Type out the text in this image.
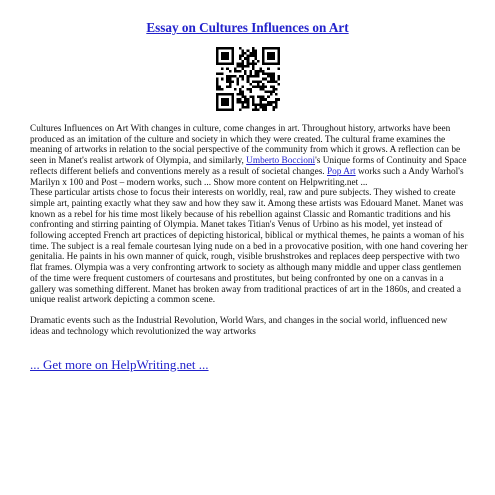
Essay on Cultures Influences on Art

Cultures Influences on Art With changes in culture, come changes in art. Throughout history, artworks have been produced as an imitation of the culture and society in which they were created. The cultural frame examines the meaning of artworks in relation to the social perspective of the community from which it grows. A reflection can be seen in Manet's realist artwork of Olympia, and similarly, Umberto Boccioni's Unique forms of Continuity and Space reflects different beliefs and conventions merely as a result of societal changes. Pop Art works such a Andy Warhol's Marilyn x 100 and Post – modern works, such ... Show more content on Helpwriting.net ...

These particular artists chose to focus their interests on worldly, real, raw and pure subjects. They wished to create simple art, painting exactly what they saw and how they saw it. Among these artists was Edouard Manet. Manet was known as a rebel for his time most likely because of his rebellion against Classic and Romantic traditions and his confronting and stirring painting of Olympia. Manet takes Titian's Venus of Urbino as his model, yet instead of following accepted French art practices of depicting historical, biblical or mythical themes, he paints a woman of his time. The subject is a real female courtesan lying nude on a bed in a provocative position, with one hand covering her genitalia. He paints in his own manner of quick, rough, visible brushstrokes and replaces deep perspective with two flat frames. Olympia was a very confronting artwork to society as although many middle and upper class gentlemen of the time were frequent customers of courtesans and prostitutes, but being confronted by one on a canvas in a gallery was something different. Manet has broken away from traditional practices of art in the 1860s, and created a unique realist artwork depicting a common scene.

Dramatic events such as the Industrial Revolution, World Wars, and changes in the social world, influenced new ideas and technology which revolutionized the way artworks

... Get more on HelpWriting.net ...
